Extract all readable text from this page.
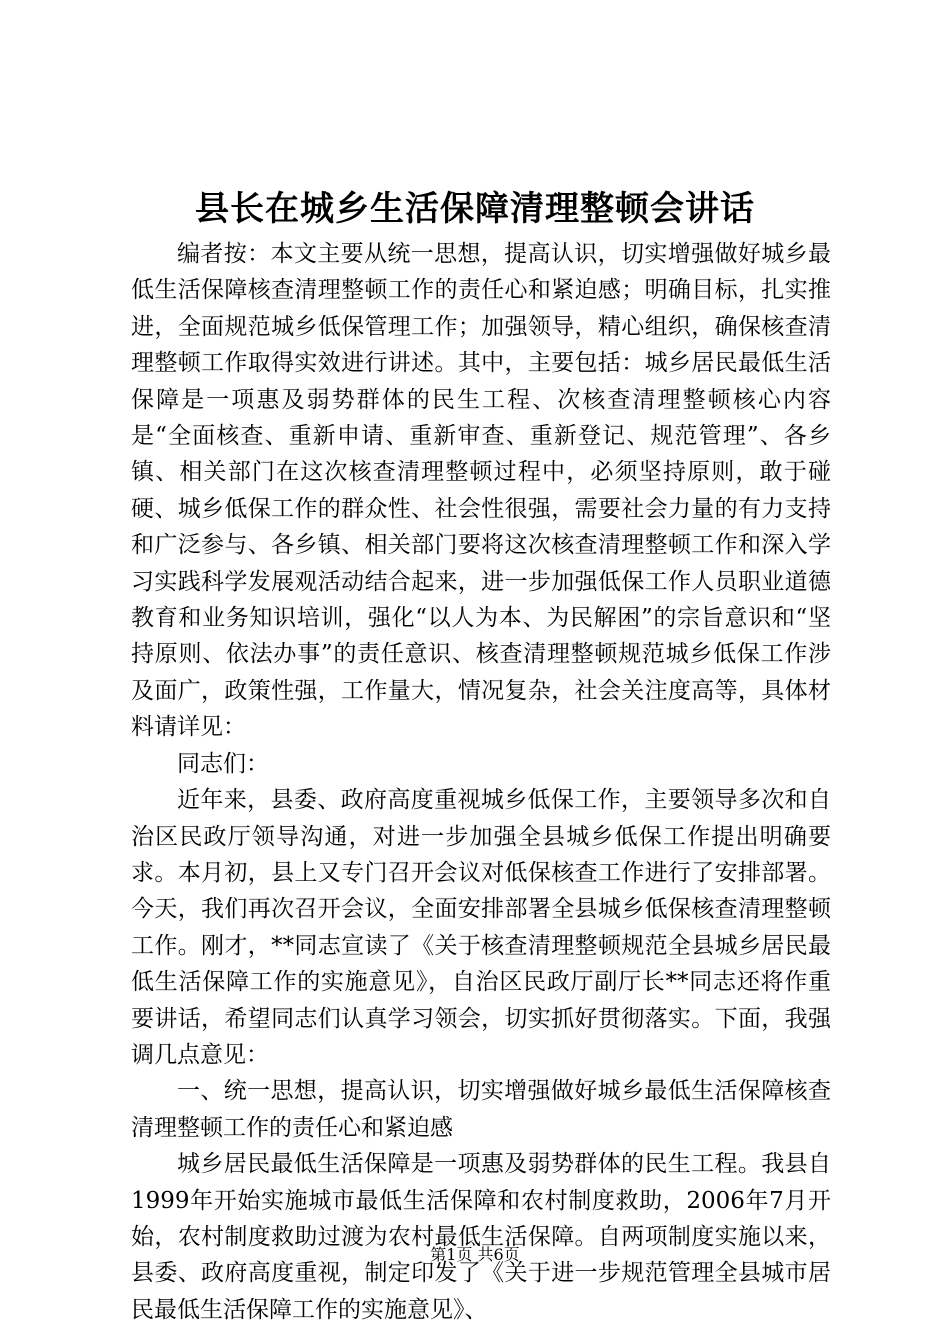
县长在城乡生活保障清理整顿会讲话

编者按：本文主要从统一思想，提高认识，切实增强做好城乡最低生活保障核查清理整顿工作的责任心和紧迫感；明确目标，扎实推进，全面规范城乡低保管理工作；加强领导，精心组织，确保核查清理整顿工作取得实效进行讲述。其中，主要包括：城乡居民最低生活保障是一项惠及弱势群体的民生工程、次核查清理整顿核心内容是“全面核查、重新申请、重新审查、重新登记、规范管理”、各乡镇、相关部门在这次核查清理整顿过程中，必须坚持原则，敢于碰硬、城乡低保工作的群众性、社会性很强，需要社会力量的有力支持和广泛参与、各乡镇、相关部门要将这次核查清理整顿工作和深入学习实践科学发展观活动结合起来，进一步加强低保工作人员职业道德教育和业务知识培训，强化“以人为本、为民解困”的宗旨意识和“坚持原则、依法办事”的责任意识、核查清理整顿规范城乡低保工作涉及面广，政策性强，工作量大，情况复杂，社会关注度高等，具体材料请详见：

同志们：

近年来，县委、政府高度重视城乡低保工作，主要领导多次和自治区民政厅领导沟通，对进一步加强全县城乡低保工作提出明确要求。本月初，县上又专门召开会议对低保核查工作进行了安排部署。今天，我们再次召开会议，全面安排部署全县城乡低保核查清理整顿工作。刚才，**同志宣读了《关于核查清理整顿规范全县城乡居民最低生活保障工作的实施意见》，自治区民政厅副厅长**同志还将作重要讲话，希望同志们认真学习领会，切实抓好贯彻落实。下面，我强调几点意见：

一、统一思想，提高认识，切实增强做好城乡最低生活保障核查清理整顿工作的责任心和紧迫感

城乡居民最低生活保障是一项惠及弱势群体的民生工程。我县自1999年开始实施城市最低生活保障和农村制度救助，2006年7月开始，农村制度救助过渡为农村最低生活保障。自两项制度实施以来，县委、政府高度重视，制定印发了《关于进一步规范管理全县城市居民最低生活保障工作的实施意见》、

第1页 共6页
